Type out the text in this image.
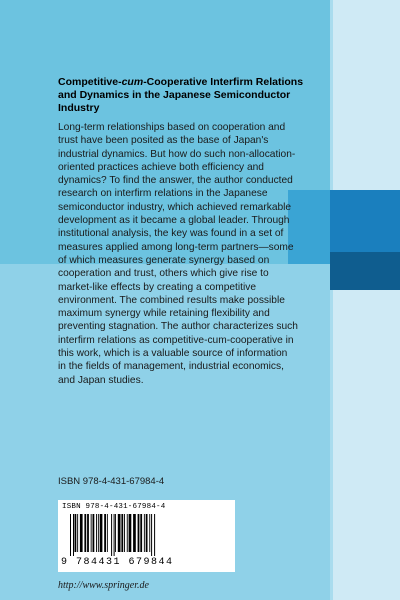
Competitive-cum-Cooperative Interfirm Relations and Dynamics in the Japanese Semiconductor Industry
Long-term relationships based on cooperation and trust have been posited as the base of Japan's industrial dynamics. But how do such non-allocation-oriented practices achieve both efficiency and dynamics? To find the answer, the author conducted research on interfirm relations in the Japanese semiconductor industry, which achieved remarkable development as it became a global leader. Through institutional analysis, the key was found in a set of measures applied among long-term partners—some of which measures generate synergy based on cooperation and trust, others which give rise to market-like effects by creating a competitive environment. The combined results make possible maximum synergy while retaining flexibility and preventing stagnation. The author characterizes such interfirm relations as competitive-cum-cooperative in this work, which is a valuable source of information in the fields of management, industrial economics, and Japan studies.
ISBN 978-4-431-67984-4
ISBN 978-4-431-67984-4
9 784431 679844
http://www.springer.de
